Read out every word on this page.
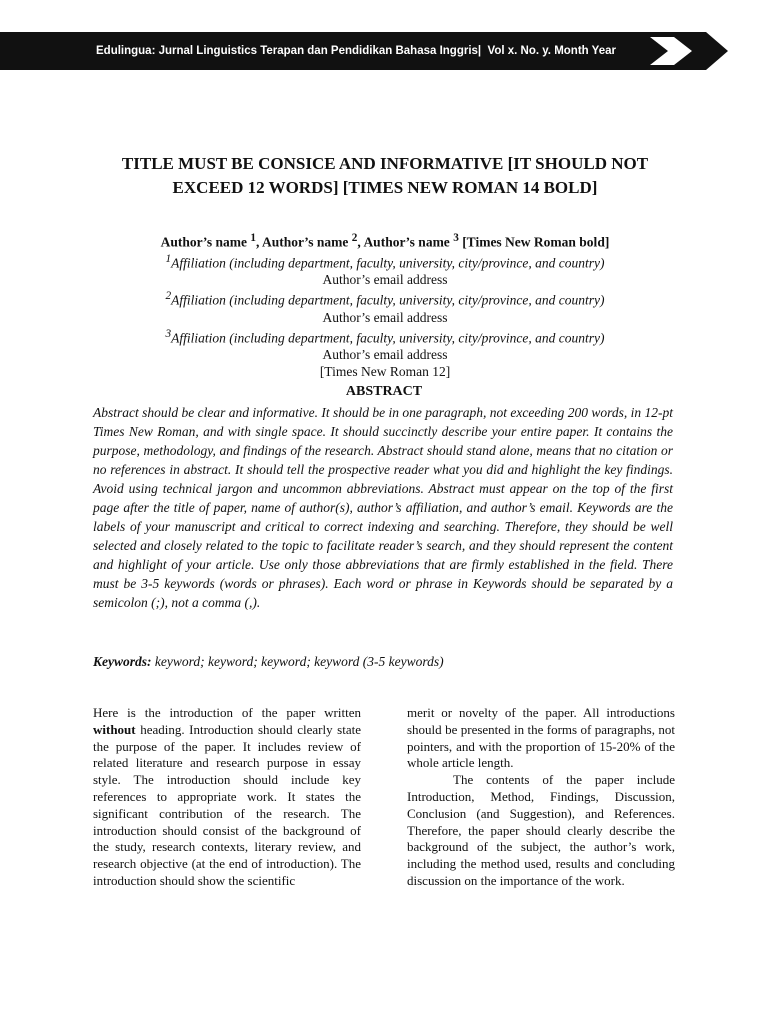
Edulingua: Jurnal Linguistics Terapan dan Pendidikan Bahasa Inggris| Vol x. No. y. Month Year
TITLE MUST BE CONSICE AND INFORMATIVE [IT SHOULD NOT
EXCEED 12 WORDS] [TIMES NEW ROMAN 14 BOLD]
Author’s name $^1$, Author’s name $^2$, Author’s name $^3$ [Times New Roman bold]
$^1$Affiliation (including department, faculty, university, city/province, and country)
Author’s email address
$^2$Affiliation (including department, faculty, university, city/province, and country)
Author’s email address
$^3$Affiliation (including department, faculty, university, city/province, and country)
Author’s email address
[Times New Roman 12]
ABSTRACT
Abstract should be clear and informative. It should be in one paragraph, not exceeding 200 words, in 12-pt Times New Roman, and with single space. It should succinctly describe your entire paper. It contains the purpose, methodology, and findings of the research. Abstract should stand alone, means that no citation or no references in abstract. It should tell the prospective reader what you did and highlight the key findings. Avoid using technical jargon and uncommon abbreviations. Abstract must appear on the top of the first page after the title of paper, name of author(s), author’s affiliation, and author’s email. Keywords are the labels of your manuscript and critical to correct indexing and searching. Therefore, they should be well selected and closely related to the topic to facilitate reader’s search, and they should represent the content and highlight of your article. Use only those abbreviations that are firmly established in the field. There must be 3-5 keywords (words or phrases). Each word or phrase in Keywords should be separated by a semicolon (;), not a comma (,).
Keywords: keyword; keyword; keyword; keyword (3-5 keywords)

Here is the introduction of the paper written without heading. Introduction should clearly state the purpose of the paper. It includes review of related literature and research purpose in essay style. The introduction should include key references to appropriate work. It states the significant contribution of the research. The introduction should consist of the background of the study, research contexts, literary review, and research objective (at the end of introduction). The introduction should show the scientific

merit or novelty of the paper. All introductions should be presented in the forms of paragraphs, not pointers, and with the proportion of 15-20% of the whole article length.

The contents of the paper include Introduction, Method, Findings, Discussion, Conclusion (and Suggestion), and References. Therefore, the paper should clearly describe the background of the subject, the author’s work, including the method used, results and concluding discussion on the importance of the work.
